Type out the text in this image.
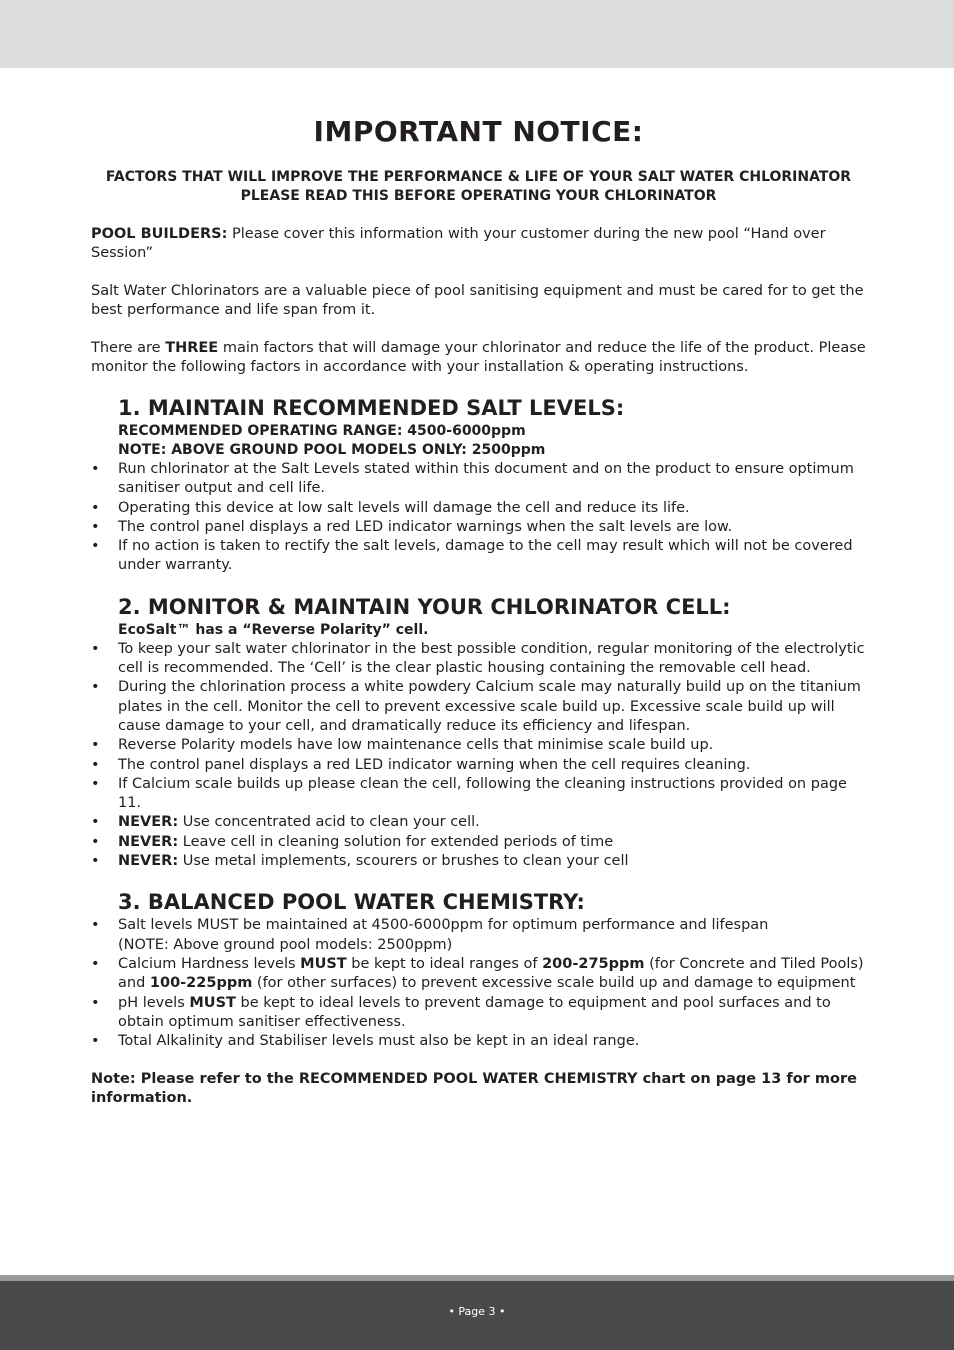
IMPORTANT NOTICE:
FACTORS THAT WILL IMPROVE THE PERFORMANCE & LIFE OF YOUR SALT WATER CHLORINATOR
PLEASE READ THIS BEFORE OPERATING YOUR CHLORINATOR

POOL BUILDERS: Please cover this information with your customer during the new pool “Hand over Session”

Salt Water Chlorinators are a valuable piece of pool sanitising equipment and must be cared for to get the best performance and life span from it.

There are THREE main factors that will damage your chlorinator and reduce the life of the product. Please monitor the following factors in accordance with your installation & operating instructions.

1. MAINTAIN RECOMMENDED SALT LEVELS:
RECOMMENDED OPERATING RANGE: 4500-6000ppm
NOTE: ABOVE GROUND POOL MODELS ONLY: 2500ppm
• Run chlorinator at the Salt Levels stated within this document and on the product to ensure optimum sanitiser output and cell life.
• Operating this device at low salt levels will damage the cell and reduce its life.
• The control panel displays a red LED indicator warnings when the salt levels are low.
• If no action is taken to rectify the salt levels, damage to the cell may result which will not be covered under warranty.
2. MONITOR & MAINTAIN YOUR CHLORINATOR CELL:
EcoSalt™ has a “Reverse Polarity” cell.
• To keep your salt water chlorinator in the best possible condition, regular monitoring of the electrolytic cell is recommended. The ‘Cell’ is the clear plastic housing containing the removable cell head.
• During the chlorination process a white powdery Calcium scale may naturally build up on the titanium plates in the cell. Monitor the cell to prevent excessive scale build up. Excessive scale build up will cause damage to your cell, and dramatically reduce its efficiency and lifespan.
• Reverse Polarity models have low maintenance cells that minimise scale build up.
• The control panel displays a red LED indicator warning when the cell requires cleaning.
• If Calcium scale builds up please clean the cell, following the cleaning instructions provided on page 11.
• NEVER: Use concentrated acid to clean your cell.
• NEVER: Leave cell in cleaning solution for extended periods of time
• NEVER: Use metal implements, scourers or brushes to clean your cell
3. BALANCED POOL WATER CHEMISTRY:
• Salt levels MUST be maintained at 4500-6000ppm for optimum performance and lifespan
(NOTE: Above ground pool models: 2500ppm)
• Calcium Hardness levels MUST be kept to ideal ranges of 200-275ppm (for Concrete and Tiled Pools) and 100-225ppm (for other surfaces) to prevent excessive scale build up and damage to equipment
• pH levels MUST be kept to ideal levels to prevent damage to equipment and pool surfaces and to obtain optimum sanitiser effectiveness.
• Total Alkalinity and Stabiliser levels must also be kept in an ideal range.

Note: Please refer to the RECOMMENDED POOL WATER CHEMISTRY chart on page 13 for more information.

• Page 3 •
